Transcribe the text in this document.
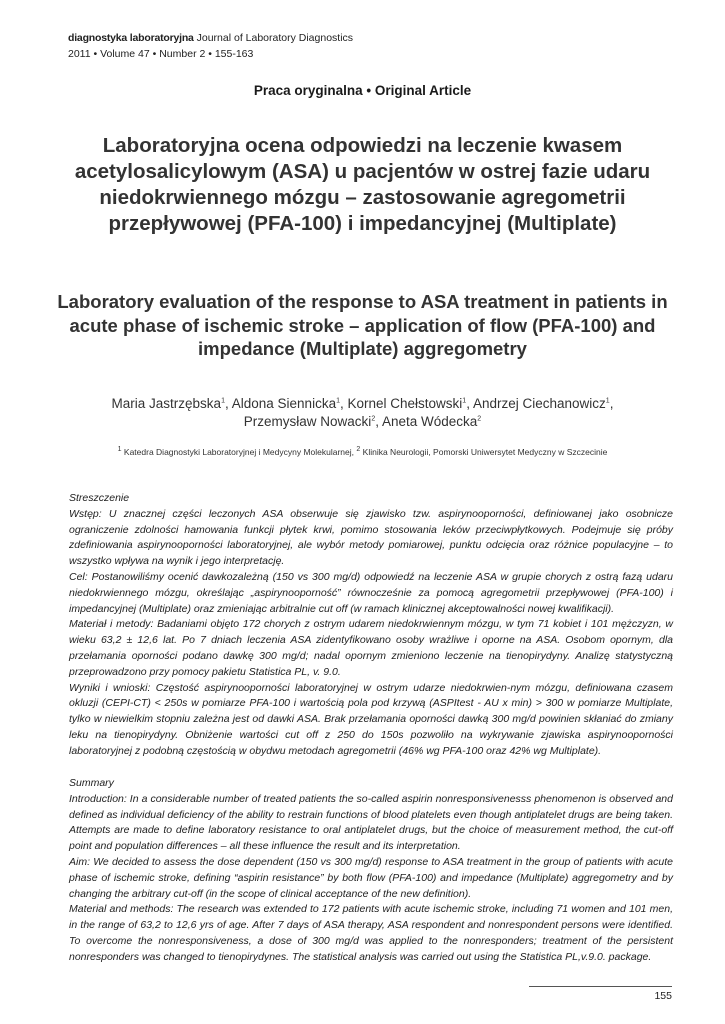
diagnostyka laboratoryjna Journal of Laboratory Diagnostics
2011 • Volume 47 • Number 2 • 155-163
Praca oryginalna • Original Article
Laboratoryjna ocena odpowiedzi na leczenie kwasem acetylosalicylowym (ASA) u pacjentów w ostrej fazie udaru niedokrwiennego mózgu – zastosowanie agregometrii przepływowej (PFA-100) i impedancyjnej (Multiplate)
Laboratory evaluation of the response to ASA treatment in patients in acute phase of ischemic stroke – application of flow (PFA-100) and impedance (Multiplate) aggregometry
Maria Jastrzębska$^1$, Aldona Siennicka$^1$, Kornel Chełstowski$^1$, Andrzej Ciechanowicz$^1$,
Przemysław Nowacki$^2$, Aneta Wódecka$^2$
$^1$ Katedra Diagnostyki Laboratoryjnej i Medycyny Molekularnej, $^2$ Klinika Neurologii, Pomorski Uniwersytet Medyczny w Szczecinie

Streszczenie

Wstęp: U znacznej części leczonych ASA obserwuje się zjawisko tzw. aspirynooporności, definiowanej jako osobnicze ograniczenie zdolności hamowania funkcji płytek krwi, pomimo stosowania leków przeciwpłytkowych. Podejmuje się próby zdefiniowania aspirynooporności laboratoryjnej, ale wybór metody pomiarowej, punktu odcięcia oraz różnice populacyjne – to wszystko wpływa na wynik i jego interpretację.

Cel: Postanowiliśmy ocenić dawkozależną (150 vs 300 mg/d) odpowiedź na leczenie ASA w grupie chorych z ostrą fazą udaru niedokrwiennego mózgu, określając „aspirynooporność” równocześnie za pomocą agregometrii przepływowej (PFA-100) i impedancyjnej (Multiplate) oraz zmieniając arbitralnie cut off (w ramach klinicznej akceptowalności nowej kwalifikacji).

Materiał i metody: Badaniami objęto 172 chorych z ostrym udarem niedokrwiennym mózgu, w tym 71 kobiet i 101 mężczyzn, w wieku 63,2 ± 12,6 lat. Po 7 dniach leczenia ASA zidentyfikowano osoby wrażliwe i oporne na ASA. Osobom opornym, dla przełamania oporności podano dawkę 300 mg/d; nadal opornym zmieniono leczenie na tienopirydyny. Analizę statystyczną przeprowadzono przy pomocy pakietu Statistica PL, v. 9.0.

Wyniki i wnioski: Częstość aspirynooporności laboratoryjnej w ostrym udarze niedokrwien-nym mózgu, definiowana czasem okluzji (CEPI-CT) < 250s w pomiarze PFA-100 i wartością pola pod krzywą (ASPItest - AU x min) > 300 w pomiarze Multiplate, tylko w niewielkim stopniu zależna jest od dawki ASA. Brak przełamania oporności dawką 300 mg/d powinien skłaniać do zmiany leku na tienopirydyny. Obniżenie wartości cut off z 250 do 150s pozwoliło na wykrywanie zjawiska aspirynooporności laboratoryjnej z podobną częstością w obydwu metodach agregometrii (46% wg PFA-100 oraz 42% wg Multiplate).

Summary

Introduction: In a considerable number of treated patients the so-called aspirin nonresponsivenesss phenomenon is observed and defined as individual deficiency of the ability to restrain functions of blood platelets even though antiplatelet drugs are being taken. Attempts are made to define laboratory resistance to oral antiplatelet drugs, but the choice of measurement method, the cut-off point and population differences – all these influence the result and its interpretation.

Aim: We decided to assess the dose dependent (150 vs 300 mg/d) response to ASA treatment in the group of patients with acute phase of ischemic stroke, defining “aspirin resistance” by both flow (PFA-100) and impedance (Multiplate) aggregometry and by changing the arbitrary cut-off (in the scope of clinical acceptance of the new definition).

Material and methods: The research was extended to 172 patients with acute ischemic stroke, including 71 women and 101 men, in the range of 63,2 to 12,6 yrs of age. After 7 days of ASA therapy, ASA respondent and nonrespondent persons were identified. To overcome the nonresponsiveness, a dose of 300 mg/d was applied to the nonresponders; treatment of the persistent nonresponders was changed to tienopirydynes. The statistical analysis was carried out using the Statistica PL,v.9.0. package.

155
